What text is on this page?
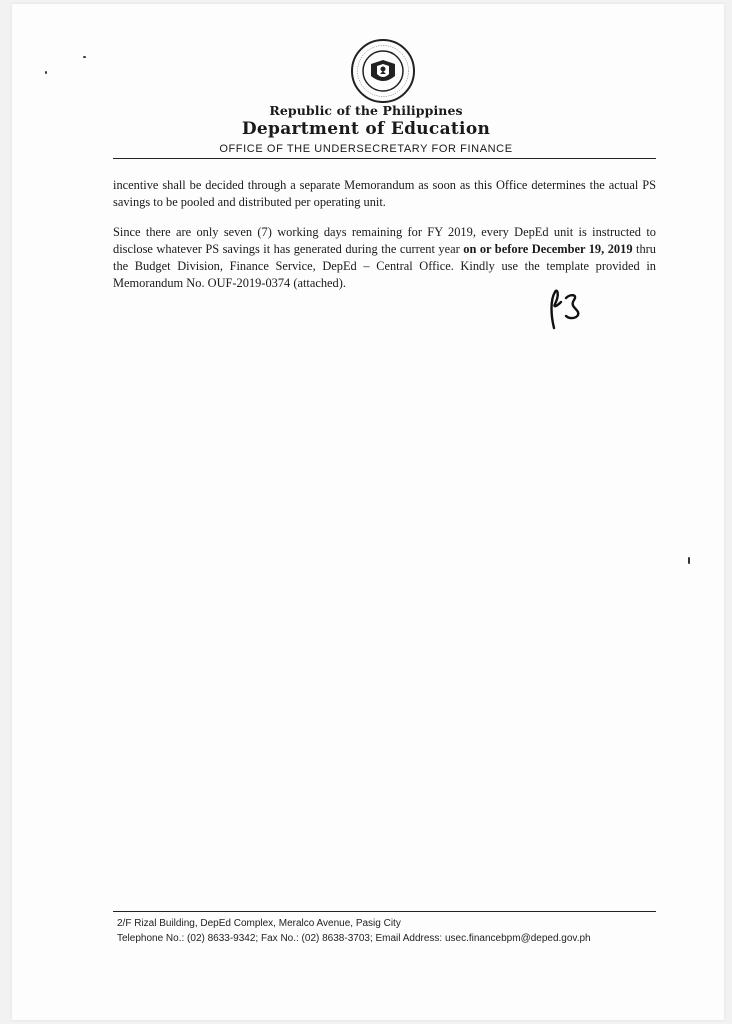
Republic of the Philippines
Department of Education
OFFICE OF THE UNDERSECRETARY FOR FINANCE

incentive shall be decided through a separate Memorandum as soon as this Office determines the actual PS savings to be pooled and distributed per operating unit.

Since there are only seven (7) working days remaining for FY 2019, every DepEd unit is instructed to disclose whatever PS savings it has generated during the current year on or before December 19, 2019 thru the Budget Division, Finance Service, DepEd – Central Office. Kindly use the template provided in Memorandum No. OUF-2019-0374 (attached).

2/F Rizal Building, DepEd Complex, Meralco Avenue, Pasig City
Telephone No.: (02) 8633-9342; Fax No.: (02) 8638-3703; Email Address: usec.financebpm@deped.gov.ph
